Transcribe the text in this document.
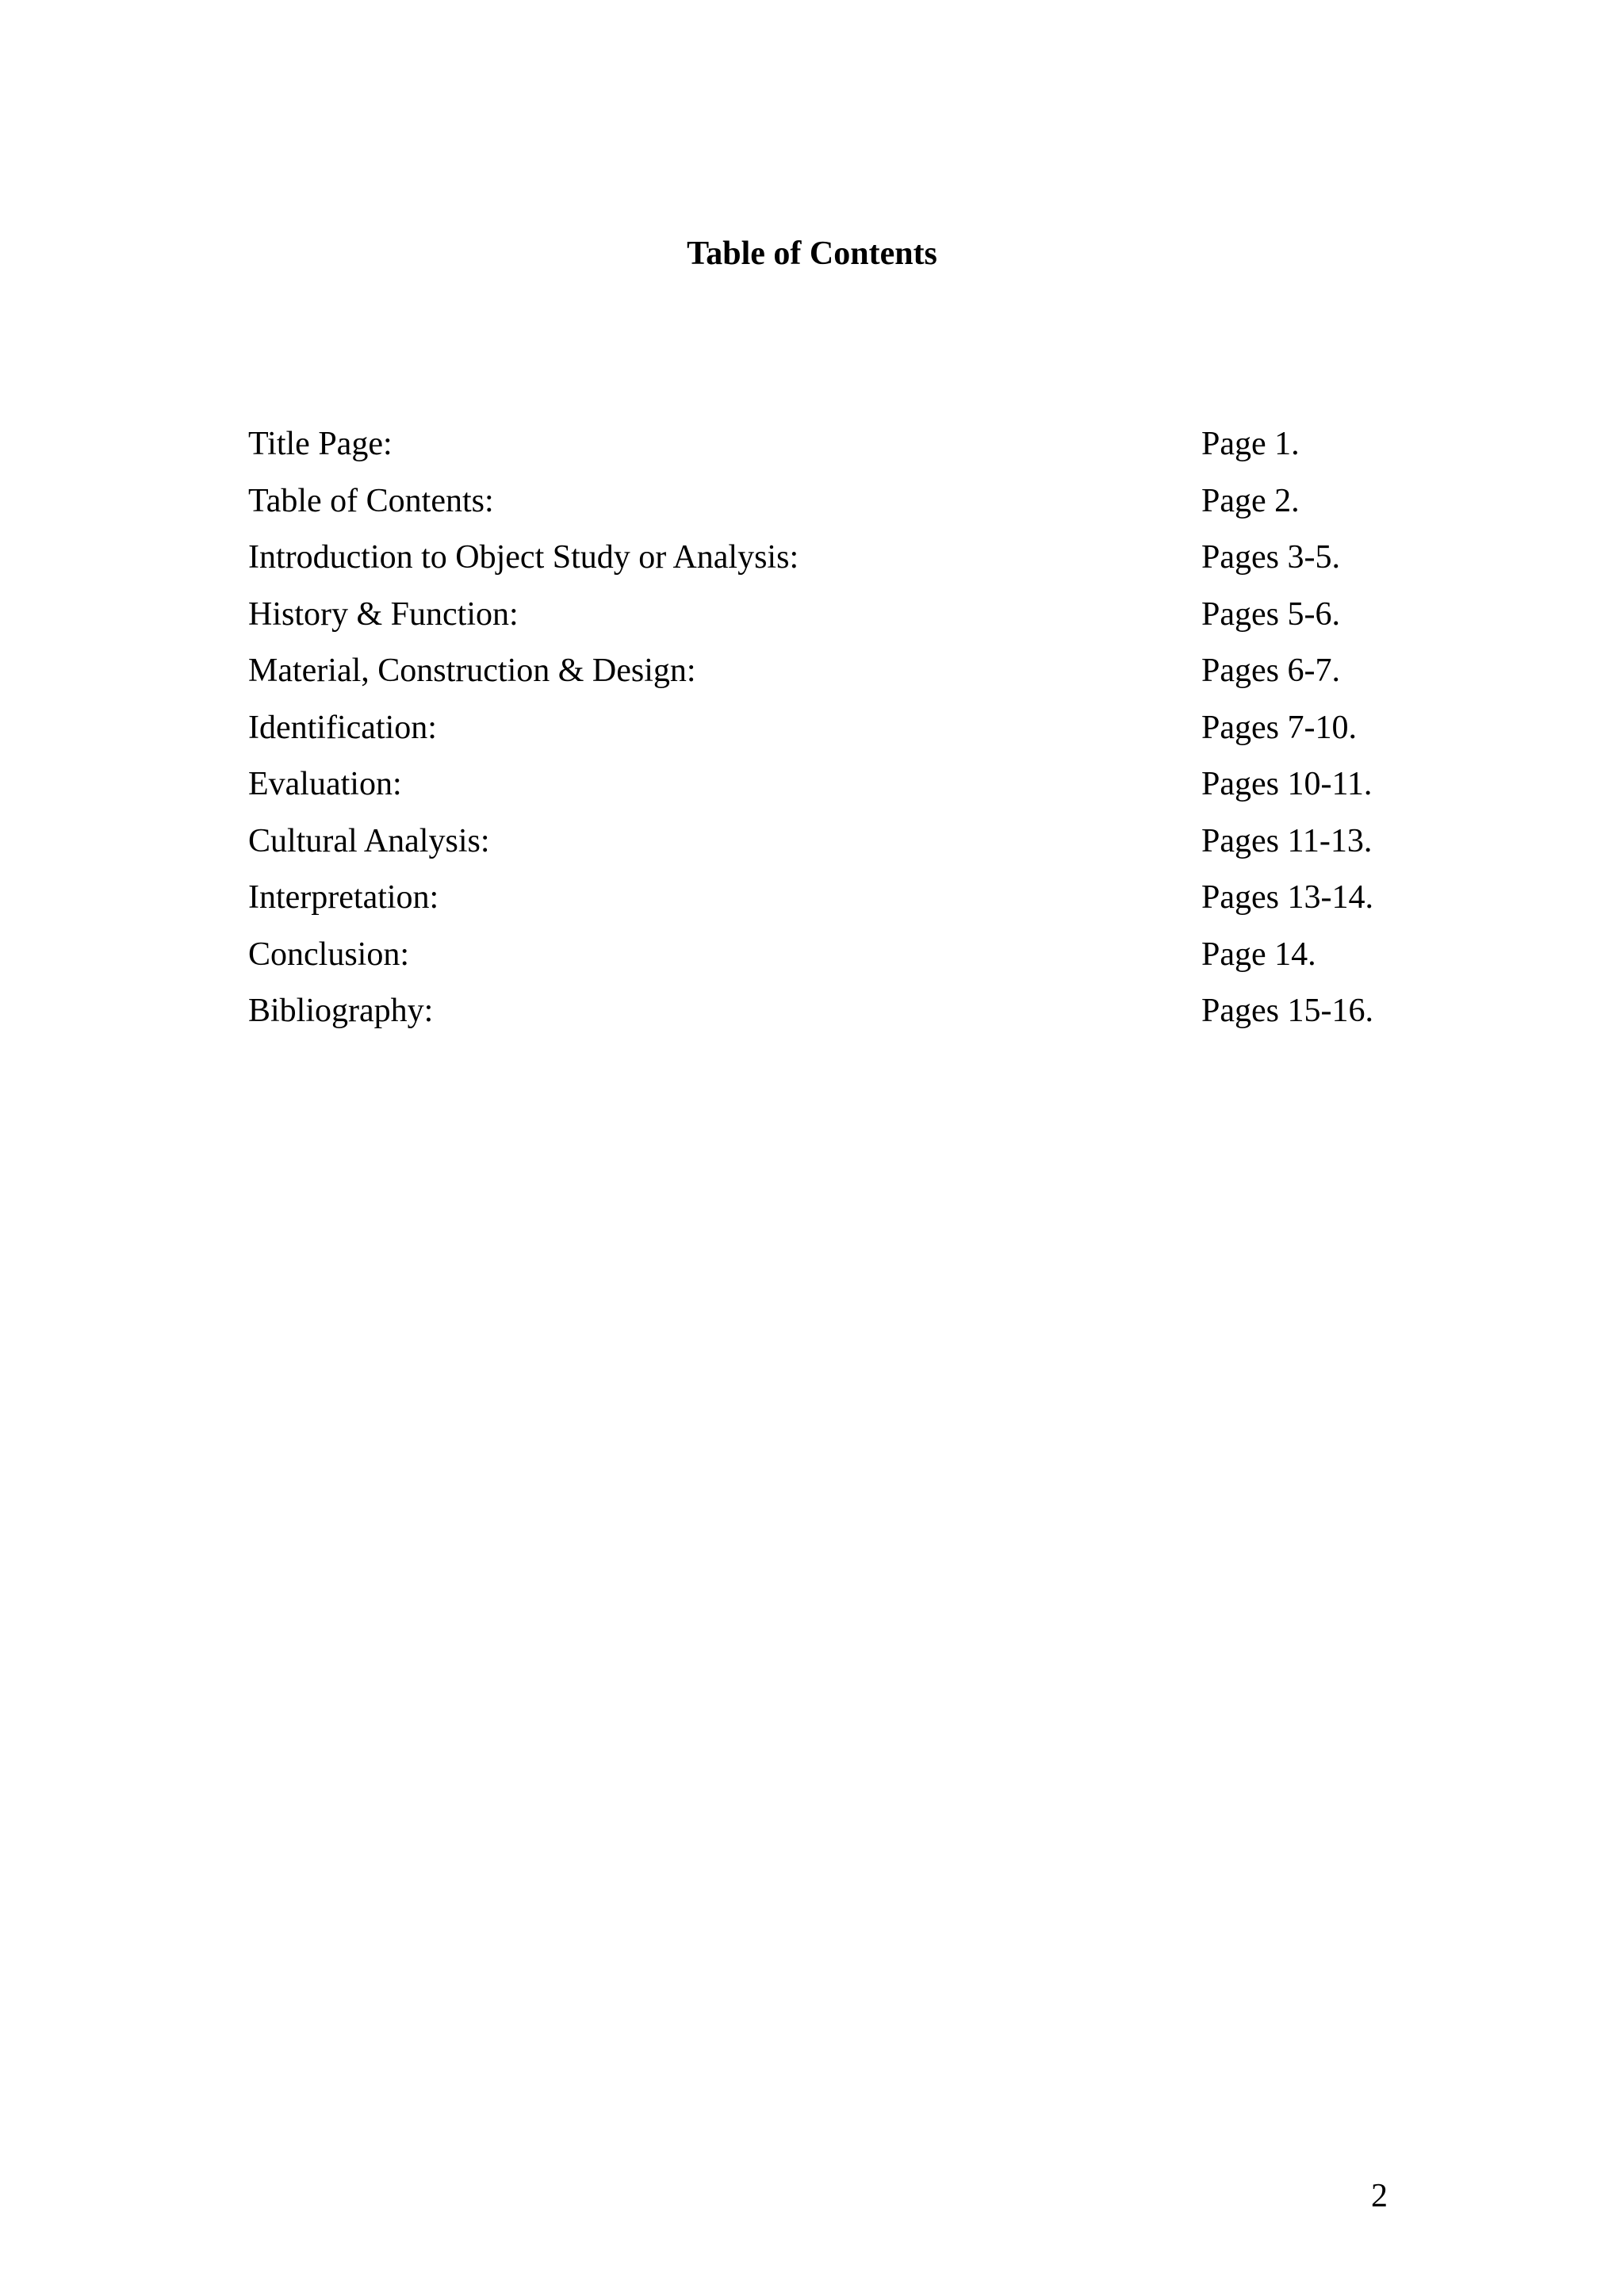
Table of Contents
Title Page:	Page 1.
Table of Contents:	Page 2.
Introduction to Object Study or Analysis:	Pages 3-5.
History & Function:	Pages 5-6.
Material, Construction & Design:	Pages 6-7.
Identification:	Pages 7-10.
Evaluation:	Pages 10-11.
Cultural Analysis:	Pages 11-13.
Interpretation:	Pages 13-14.
Conclusion:	Page 14.
Bibliography:	Pages 15-16.
2
